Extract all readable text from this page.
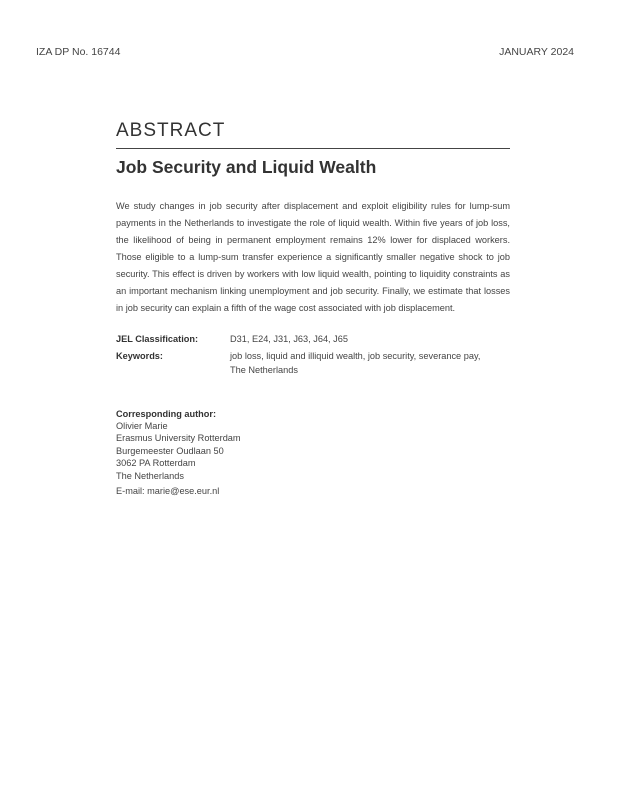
IZA DP No. 16744	JANUARY 2024
ABSTRACT
Job Security and Liquid Wealth

We study changes in job security after displacement and exploit eligibility rules for lump-sum payments in the Netherlands to investigate the role of liquid wealth. Within five years of job loss, the likelihood of being in permanent employment remains 12% lower for displaced workers. Those eligible to a lump-sum transfer experience a significantly smaller negative shock to job security. This effect is driven by workers with low liquid wealth, pointing to liquidity constraints as an important mechanism linking unemployment and job security. Finally, we estimate that losses in job security can explain a fifth of the wage cost associated with job displacement.

JEL Classification:	D31, E24, J31, J63, J64, J65
Keywords:	job loss, liquid and illiquid wealth, job security, severance pay,
The Netherlands
Corresponding author:
Olivier Marie
Erasmus University Rotterdam
Burgemeester Oudlaan 50
3062 PA Rotterdam
The Netherlands
E-mail: marie@ese.eur.nl
